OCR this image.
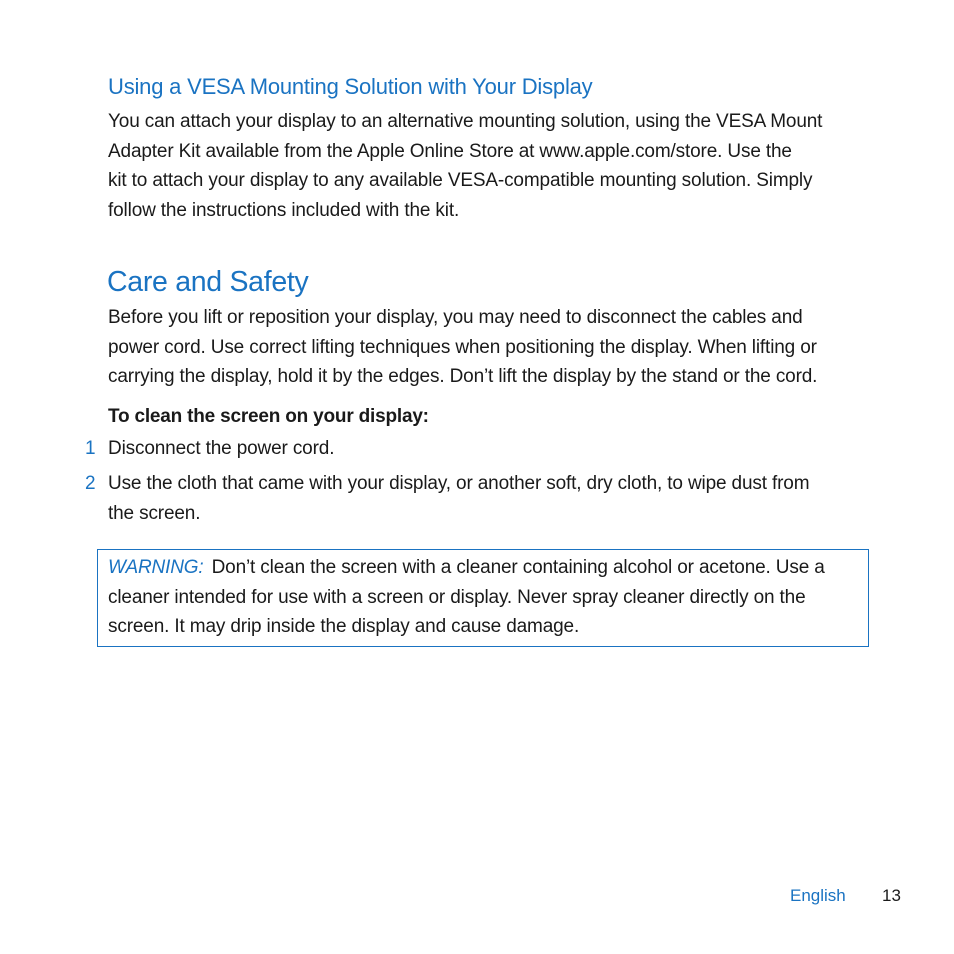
Using a VESA Mounting Solution with Your Display

You can attach your display to an alternative mounting solution, using the VESA Mount
Adapter Kit available from the Apple Online Store at www.apple.com/store. Use the
kit to attach your display to any available VESA-compatible mounting solution. Simply
follow the instructions included with the kit.

Care and Safety

Before you lift or reposition your display, you may need to disconnect the cables and
power cord. Use correct lifting techniques when positioning the display. When lifting or
carrying the display, hold it by the edges. Don’t lift the display by the stand or the cord.

To clean the screen on your display:
1 Disconnect the power cord.
2 Use the cloth that came with your display, or another soft, dry cloth, to wipe dust from
the screen.
WARNING: Don’t clean the screen with a cleaner containing alcohol or acetone. Use a
cleaner intended for use with a screen or display. Never spray cleaner directly on the
screen. It may drip inside the display and cause damage.
English 13
